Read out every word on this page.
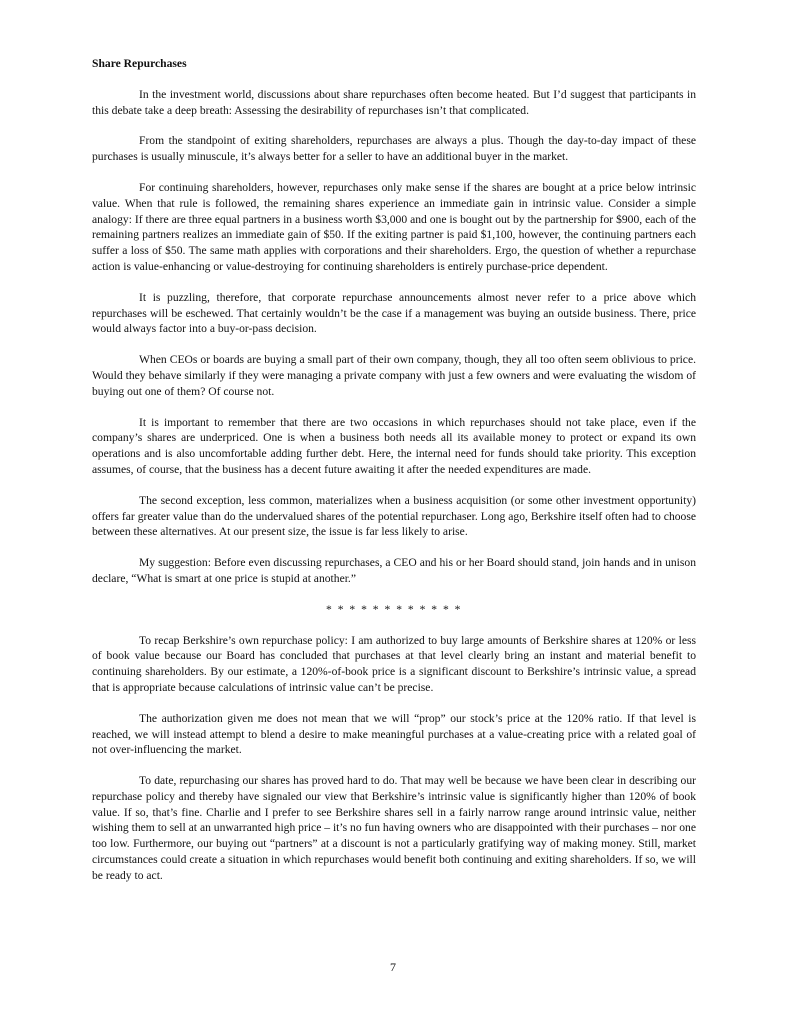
Share Repurchases

In the investment world, discussions about share repurchases often become heated. But I’d suggest that participants in this debate take a deep breath: Assessing the desirability of repurchases isn’t that complicated.

From the standpoint of exiting shareholders, repurchases are always a plus. Though the day-to-day impact of these purchases is usually minuscule, it’s always better for a seller to have an additional buyer in the market.

For continuing shareholders, however, repurchases only make sense if the shares are bought at a price below intrinsic value. When that rule is followed, the remaining shares experience an immediate gain in intrinsic value. Consider a simple analogy: If there are three equal partners in a business worth $3,000 and one is bought out by the partnership for $900, each of the remaining partners realizes an immediate gain of $50. If the exiting partner is paid $1,100, however, the continuing partners each suffer a loss of $50. The same math applies with corporations and their shareholders. Ergo, the question of whether a repurchase action is value-enhancing or value-destroying for continuing shareholders is entirely purchase-price dependent.

It is puzzling, therefore, that corporate repurchase announcements almost never refer to a price above which repurchases will be eschewed. That certainly wouldn’t be the case if a management was buying an outside business. There, price would always factor into a buy-or-pass decision.

When CEOs or boards are buying a small part of their own company, though, they all too often seem oblivious to price. Would they behave similarly if they were managing a private company with just a few owners and were evaluating the wisdom of buying out one of them? Of course not.

It is important to remember that there are two occasions in which repurchases should not take place, even if the company’s shares are underpriced. One is when a business both needs all its available money to protect or expand its own operations and is also uncomfortable adding further debt. Here, the internal need for funds should take priority. This exception assumes, of course, that the business has a decent future awaiting it after the needed expenditures are made.

The second exception, less common, materializes when a business acquisition (or some other investment opportunity) offers far greater value than do the undervalued shares of the potential repurchaser. Long ago, Berkshire itself often had to choose between these alternatives. At our present size, the issue is far less likely to arise.

My suggestion: Before even discussing repurchases, a CEO and his or her Board should stand, join hands and in unison declare, “What is smart at one price is stupid at another.”

* * * * * * * * * * * *

To recap Berkshire’s own repurchase policy: I am authorized to buy large amounts of Berkshire shares at 120% or less of book value because our Board has concluded that purchases at that level clearly bring an instant and material benefit to continuing shareholders. By our estimate, a 120%-of-book price is a significant discount to Berkshire’s intrinsic value, a spread that is appropriate because calculations of intrinsic value can’t be precise.

The authorization given me does not mean that we will “prop” our stock’s price at the 120% ratio. If that level is reached, we will instead attempt to blend a desire to make meaningful purchases at a value-creating price with a related goal of not over-influencing the market.

To date, repurchasing our shares has proved hard to do. That may well be because we have been clear in describing our repurchase policy and thereby have signaled our view that Berkshire’s intrinsic value is significantly higher than 120% of book value. If so, that’s fine. Charlie and I prefer to see Berkshire shares sell in a fairly narrow range around intrinsic value, neither wishing them to sell at an unwarranted high price – it’s no fun having owners who are disappointed with their purchases – nor one too low. Furthermore, our buying out “partners” at a discount is not a particularly gratifying way of making money. Still, market circumstances could create a situation in which repurchases would benefit both continuing and exiting shareholders. If so, we will be ready to act.

7
